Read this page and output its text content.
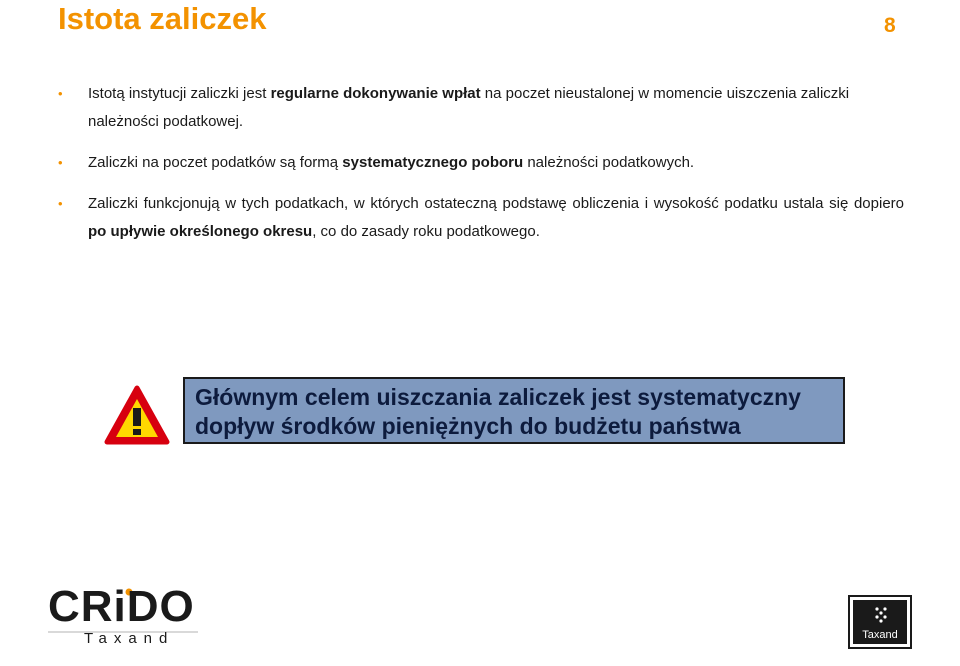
Istota zaliczek	8
• Istotą instytucji zaliczki jest regularne dokonywanie wpłat na poczet nieustalonej w momencie uiszczenia zaliczki należności podatkowej.
• Zaliczki na poczet podatków są formą systematycznego poboru należności podatkowych.
• Zaliczki funkcjonują w tych podatkach, w których ostateczną podstawę obliczenia i wysokość podatku ustala się dopiero po upływie określonego okresu, co do zasady roku podatkowego.
Głównym celem uiszczania zaliczek jest systematyczny dopływ środków pieniężnych do budżetu państwa
CRiDO
Taxand	Taxand
